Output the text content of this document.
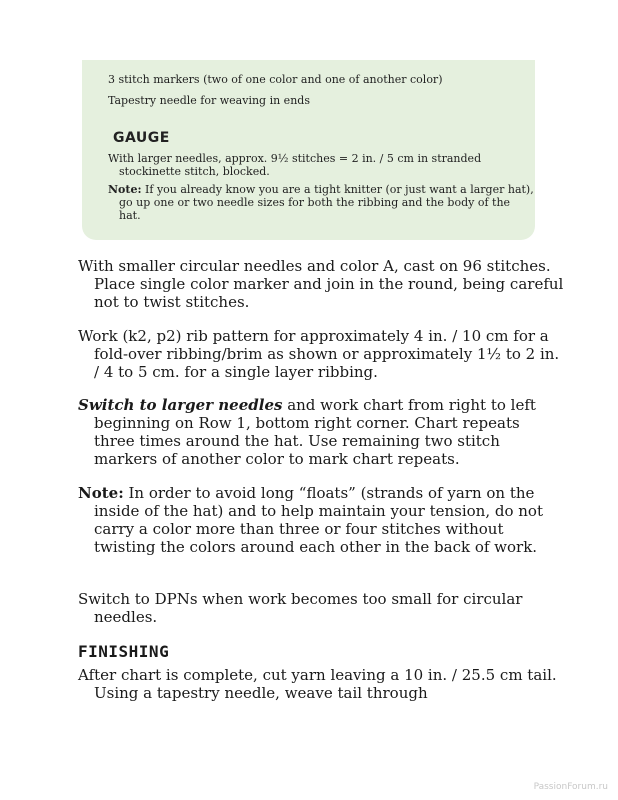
3 stitch markers (two of one color and one of another color)
Tapestry needle for weaving in ends
GAUGE
With larger needles, approx. 9½ stitches = 2 in. / 5 cm in stranded stockinette stitch, blocked.
Note: If you already know you are a tight knitter (or just want a larger hat), go up one or two needle sizes for both the ribbing and the body of the hat.
With smaller circular needles and color A, cast on 96 stitches. Place single color marker and join in the round, being careful not to twist stitches.
Work (k2, p2) rib pattern for approximately 4 in. / 10 cm for a fold-over ribbing/brim as shown or approximately 1½ to 2 in. / 4 to 5 cm. for a single layer ribbing.
Switch to larger needles and work chart from right to left beginning on Row 1, bottom right corner. Chart repeats three times around the hat. Use remaining two stitch markers of another color to mark chart repeats.
Note: In order to avoid long “floats” (strands of yarn on the inside of the hat) and to help maintain your tension, do not carry a color more than three or four stitches without twisting the colors around each other in the back of work.
Switch to DPNs when work becomes too small for circular needles.
FINISHING
After chart is complete, cut yarn leaving a 10 in. / 25.5 cm tail. Using a tapestry needle, weave tail through
PassionForum.ru
